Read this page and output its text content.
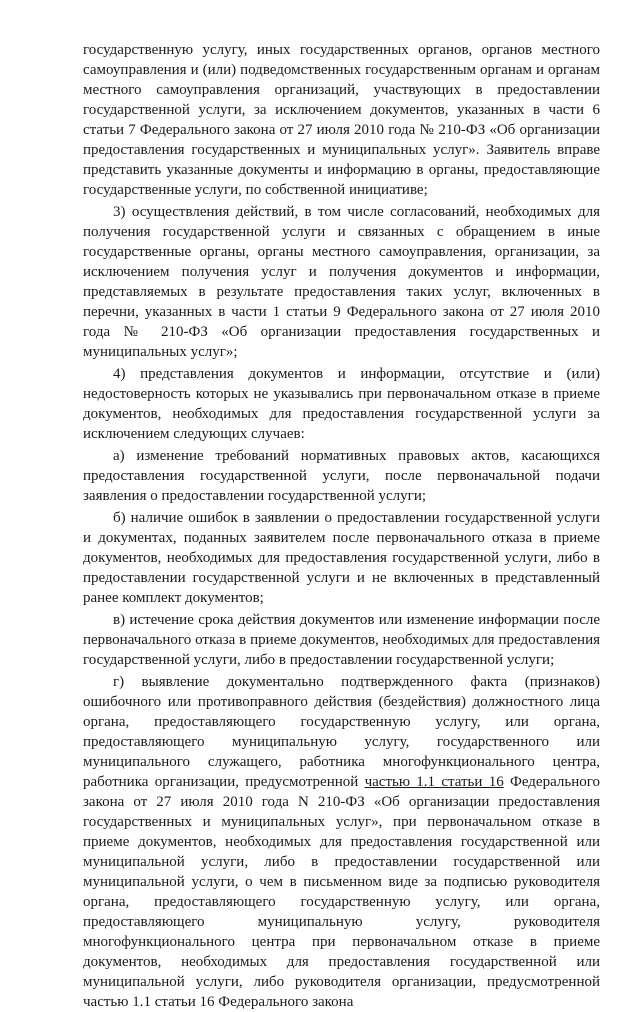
государственную услугу, иных государственных органов, органов местного самоуправления и (или) подведомственных государственным органам и органам местного самоуправления организаций, участвующих в предоставлении государственной услуги, за исключением документов, указанных в части 6 статьи 7 Федерального закона от 27 июля 2010 года № 210-ФЗ «Об организации предоставления государственных и муниципальных услуг». Заявитель вправе представить указанные документы и информацию в органы, предоставляющие государственные услуги, по собственной инициативе;

3) осуществления действий, в том числе согласований, необходимых для получения государственной услуги и связанных с обращением в иные государственные органы, органы местного самоуправления, организации, за исключением получения услуг и получения документов и информации, представляемых в результате предоставления таких услуг, включенных в перечни, указанных в части 1 статьи 9 Федерального закона от 27 июля 2010 года № 210-ФЗ «Об организации предоставления государственных и муниципальных услуг»;

4) представления документов и информации, отсутствие и (или) недостоверность которых не указывались при первоначальном отказе в приеме документов, необходимых для предоставления государственной услуги за исключением следующих случаев:

а) изменение требований нормативных правовых актов, касающихся предоставления государственной услуги, после первоначальной подачи заявления о предоставлении государственной услуги;

б) наличие ошибок в заявлении о предоставлении государственной услуги и документах, поданных заявителем после первоначального отказа в приеме документов, необходимых для предоставления государственной услуги, либо в предоставлении государственной услуги и не включенных в представленный ранее комплект документов;

в) истечение срока действия документов или изменение информации после первоначального отказа в приеме документов, необходимых для предоставления государственной услуги, либо в предоставлении государственной услуги;

г) выявление документально подтвержденного факта (признаков) ошибочного или противоправного действия (бездействия) должностного лица органа, предоставляющего государственную услугу, или органа, предоставляющего муниципальную услугу, государственного или муниципального служащего, работника многофункционального центра, работника организации, предусмотренной частью 1.1 статьи 16 Федерального закона от 27 июля 2010 года N 210-ФЗ «Об организации предоставления государственных и муниципальных услуг», при первоначальном отказе в приеме документов, необходимых для предоставления государственной или муниципальной услуги, либо в предоставлении государственной или муниципальной услуги, о чем в письменном виде за подписью руководителя органа, предоставляющего государственную услугу, или органа, предоставляющего муниципальную услугу, руководителя многофункционального центра при первоначальном отказе в приеме документов, необходимых для предоставления государственной или муниципальной услуги, либо руководителя организации, предусмотренной частью 1.1 статьи 16 Федерального закона
